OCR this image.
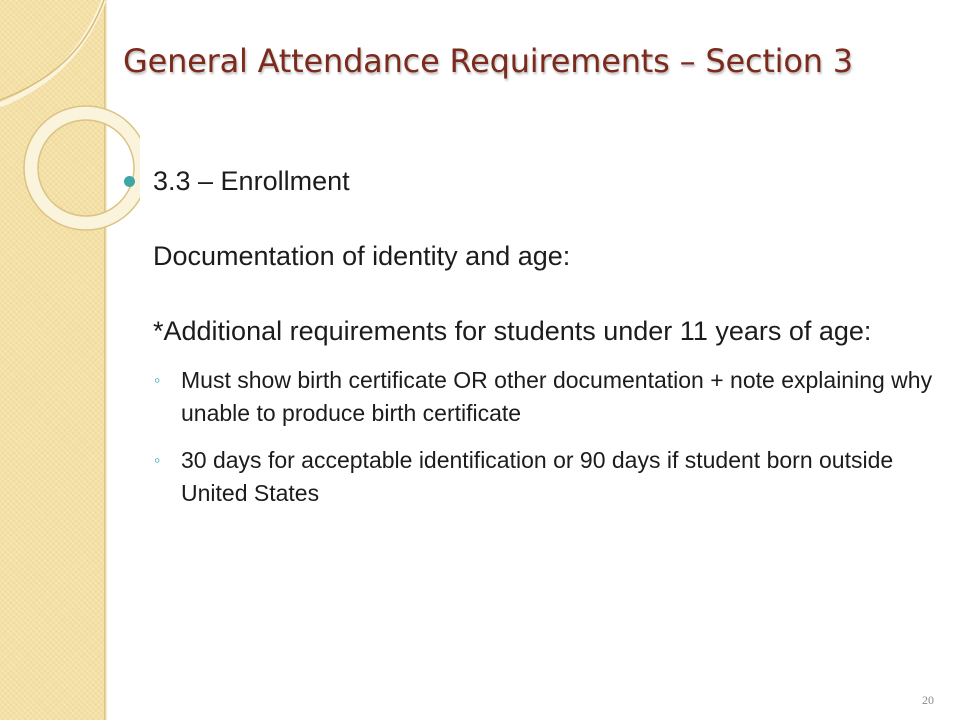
General Attendance Requirements – Section 3
3.3 – Enrollment

Documentation of identity and age:

*Additional requirements for students under 11 years of age:

◦ Must show birth certificate OR other documentation + note explaining why unable to produce birth certificate
◦ 30 days for acceptable identification or 90 days if student born outside United States
20
